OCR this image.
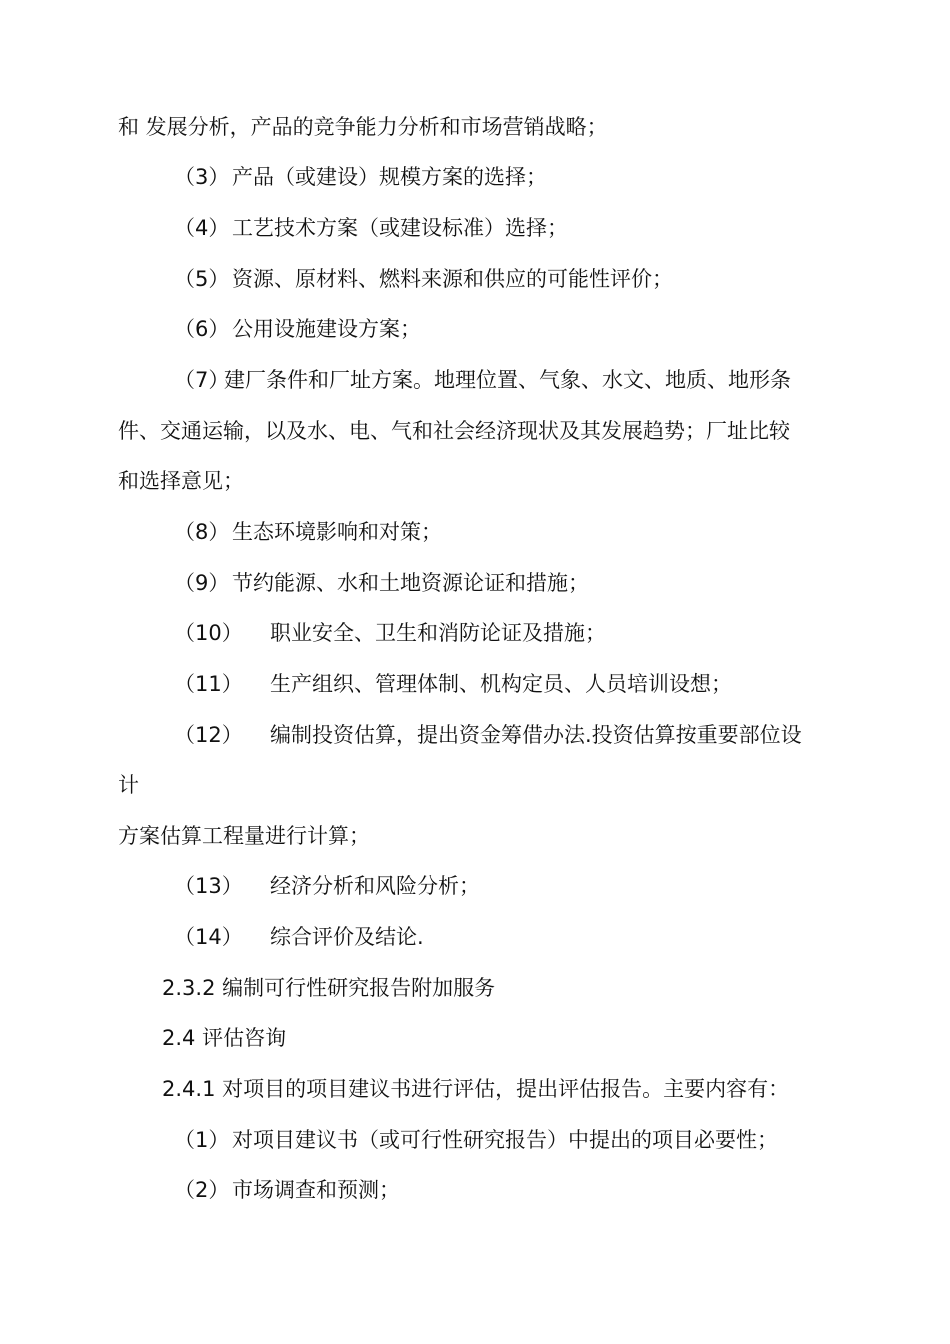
和 发展分析，产品的竞争能力分析和市场营销战略；
（3） 产品（或建设）规模方案的选择；
（4） 工艺技术方案（或建设标准）选择；
（5） 资源、原材料、燃料来源和供应的可能性评价；
（6） 公用设施建设方案；
（7）建厂条件和厂址方案。地理位置、气象、水文、地质、地形条
件、交通运输，以及水、电、气和社会经济现状及其发展趋势；厂址比较
和选择意见；
（8） 生态环境影响和对策；
（9） 节约能源、水和土地资源论证和措施；
（10） 职业安全、卫生和消防论证及措施；
（11） 生产组织、管理体制、机构定员、人员培训设想；
（12） 编制投资估算，提出资金筹借办法.投资估算按重要部位设
计
方案估算工程量进行计算；
（13） 经济分析和风险分析；
（14） 综合评价及结论.
2.3.2 编制可行性研究报告附加服务
2.4 评估咨询
2.4.1 对项目的项目建议书进行评估，提出评估报告。主要内容有：
（1） 对项目建议书（或可行性研究报告）中提出的项目必要性；
（2） 市场调查和预测；
